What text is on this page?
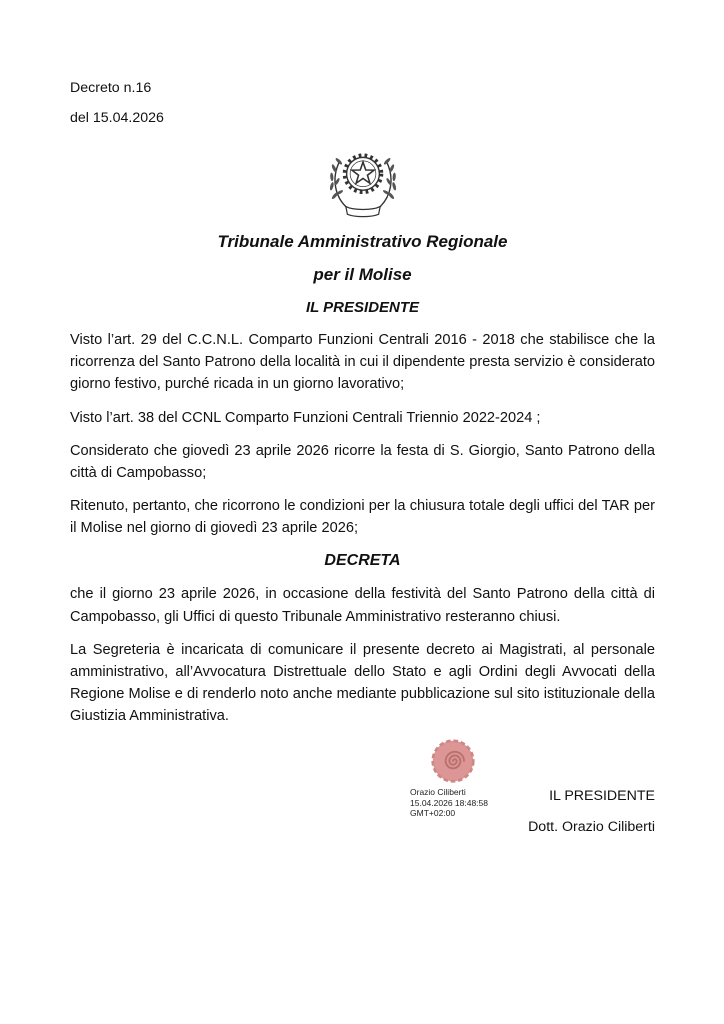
Decreto n.16

del 15.04.2026

Tribunale Amministrativo Regionale
per il Molise
IL PRESIDENTE

Visto l’art. 29 del C.C.N.L. Comparto Funzioni Centrali 2016 - 2018 che stabilisce che la ricorrenza del Santo Patrono della località in cui il dipendente presta servizio è considerato giorno festivo, purché ricada in un giorno lavorativo;

Visto l’art. 38 del CCNL Comparto Funzioni Centrali Triennio 2022-2024 ;

Considerato che giovedì 23 aprile 2026 ricorre la festa di S. Giorgio, Santo Patrono della città di Campobasso;

Ritenuto, pertanto, che ricorrono le condizioni per la chiusura totale degli uffici del TAR per il Molise nel giorno di giovedì 23 aprile 2026;

DECRETA

che il giorno 23 aprile 2026, in occasione della festività del Santo Patrono della città di Campobasso, gli Uffici di questo Tribunale Amministrativo resteranno chiusi.

La Segreteria è incaricata di comunicare il presente decreto ai Magistrati, al personale amministrativo, all’Avvocatura Distrettuale dello Stato e agli Ordini degli Avvocati della Regione Molise e di renderlo noto anche mediante pubblicazione sul sito istituzionale della Giustizia Amministrativa.

Orazio Ciliberti
15.04.2026 18:48:58
GMT+02:00

IL PRESIDENTE

Dott. Orazio Ciliberti
